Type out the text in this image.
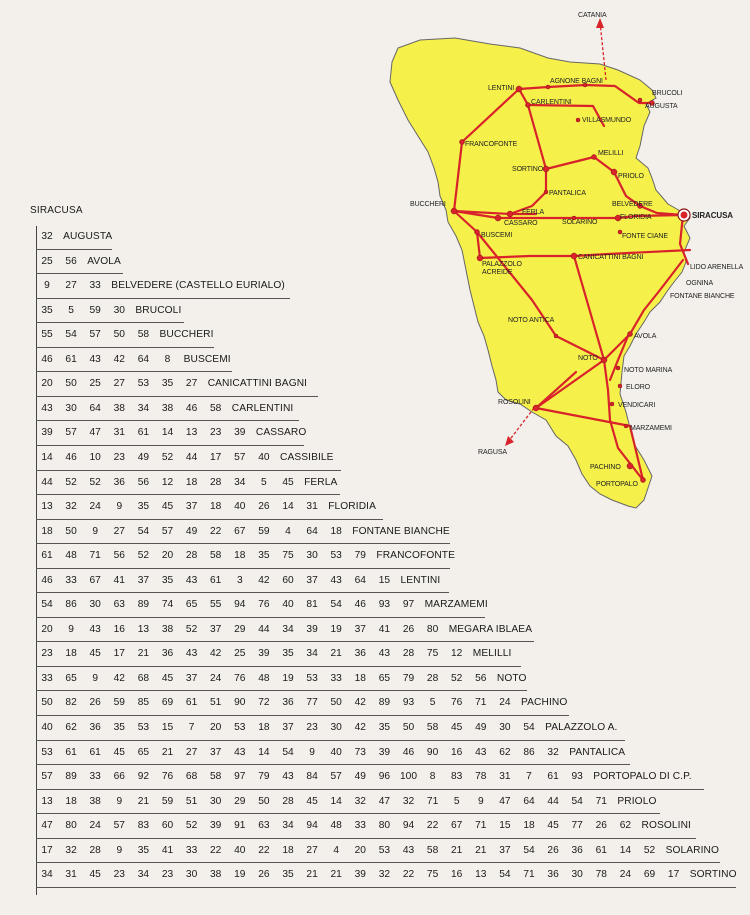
CATANIA
AGNONE BAGNI
BRUCOLI
AUGUSTA
LENTINI
CARLENTINI
VILLASMUNDO
FRANCOFONTE
MELILLI
SORTINO
PRIOLO
PANTALICA
BUCCHERI	BELVEDERE
FERLA
SOLARINO
FLORIDIA	SIRACUSA
CASSARO
BUSCEMI	FONTE CIANE
PALAZZOLO
ACREIDE
CANICATTINI BAGNI
LIDO ARENELLA
OGNINA
FONTANE BIANCHE
NOTO ANTICA
AVOLA
NOTO
NOTO MARINA
ELORO
ROSOLINI	VENDICARI
MARZAMEMI
RAGUSA
PACHINO
PORTOPALO
SIRACUSA
32	AUGUSTA
25	56	AVOLA
9	27	33	BELVEDERE (CASTELLO EURIALO)
35	5	59	30	BRUCOLI
55	54	57	50	58	BUCCHERI
46	61	43	42	64	8	BUSCEMI
20	50	25	27	53	35	27	CANICATTINI BAGNI
43	30	64	38	34	38	46	58	CARLENTINI
39	57	47	31	61	14	13	23	39	CASSARO
14	46	10	23	49	52	44	17	57	40	CASSIBILE
44	52	52	36	56	12	18	28	34	5	45	FERLA
13	32	24	9	35	45	37	18	40	26	14	31	FLORIDIA
18	50	9	27	54	57	49	22	67	59	4	64	18	FONTANE BIANCHE
61	48	71	56	52	20	28	58	18	35	75	30	53	79	FRANCOFONTE
46	33	67	41	37	35	43	61	3	42	60	37	43	64	15	LENTINI
54	86	30	63	89	74	65	55	94	76	40	81	54	46	93	97	MARZAMEMI
20	9	43	16	13	38	52	37	29	44	34	39	19	37	41	26	80	MEGARA IBLAEA
23	18	45	17	21	36	43	42	25	39	35	34	21	36	43	28	75	12	MELILLI
33	65	9	42	68	45	37	24	76	48	19	53	33	18	65	79	28	52	56	NOTO
50	82	26	59	85	69	61	51	90	72	36	77	50	42	89	93	5	76	71	24	PACHINO
40	62	36	35	53	15	7	20	53	18	37	23	30	42	35	50	58	45	49	30	54	PALAZZOLO A.
53	61	61	45	65	21	27	37	43	14	54	9	40	73	39	46	90	16	43	62	86	32	PANTALICA
57	89	33	66	92	76	68	58	97	79	43	84	57	49	96 100	8	83	78	31	7	61	93	PORTOPALO DI C.P.
13	18	38	9	21	59	51	30	29	50	28	45	14	32	47	32	71	5	9	47	64	44	54	71	PRIOLO
47	80	24	57	83	60	52	39	91	63	34	94	48	33	80	94	22	67	71	15	18	45	77	26	62	ROSOLINI
17	32	28	9	35	41	33	22	40	22	18	27	4	20	53	43	58	21	21	37	54	26	36	61	14	52	SOLARINO
34	31	45	23	34	23	30	38	19	26	35	21	21	39	32	22	75	16	13	54	71	36	30	78	24	69	17	SORTINO
